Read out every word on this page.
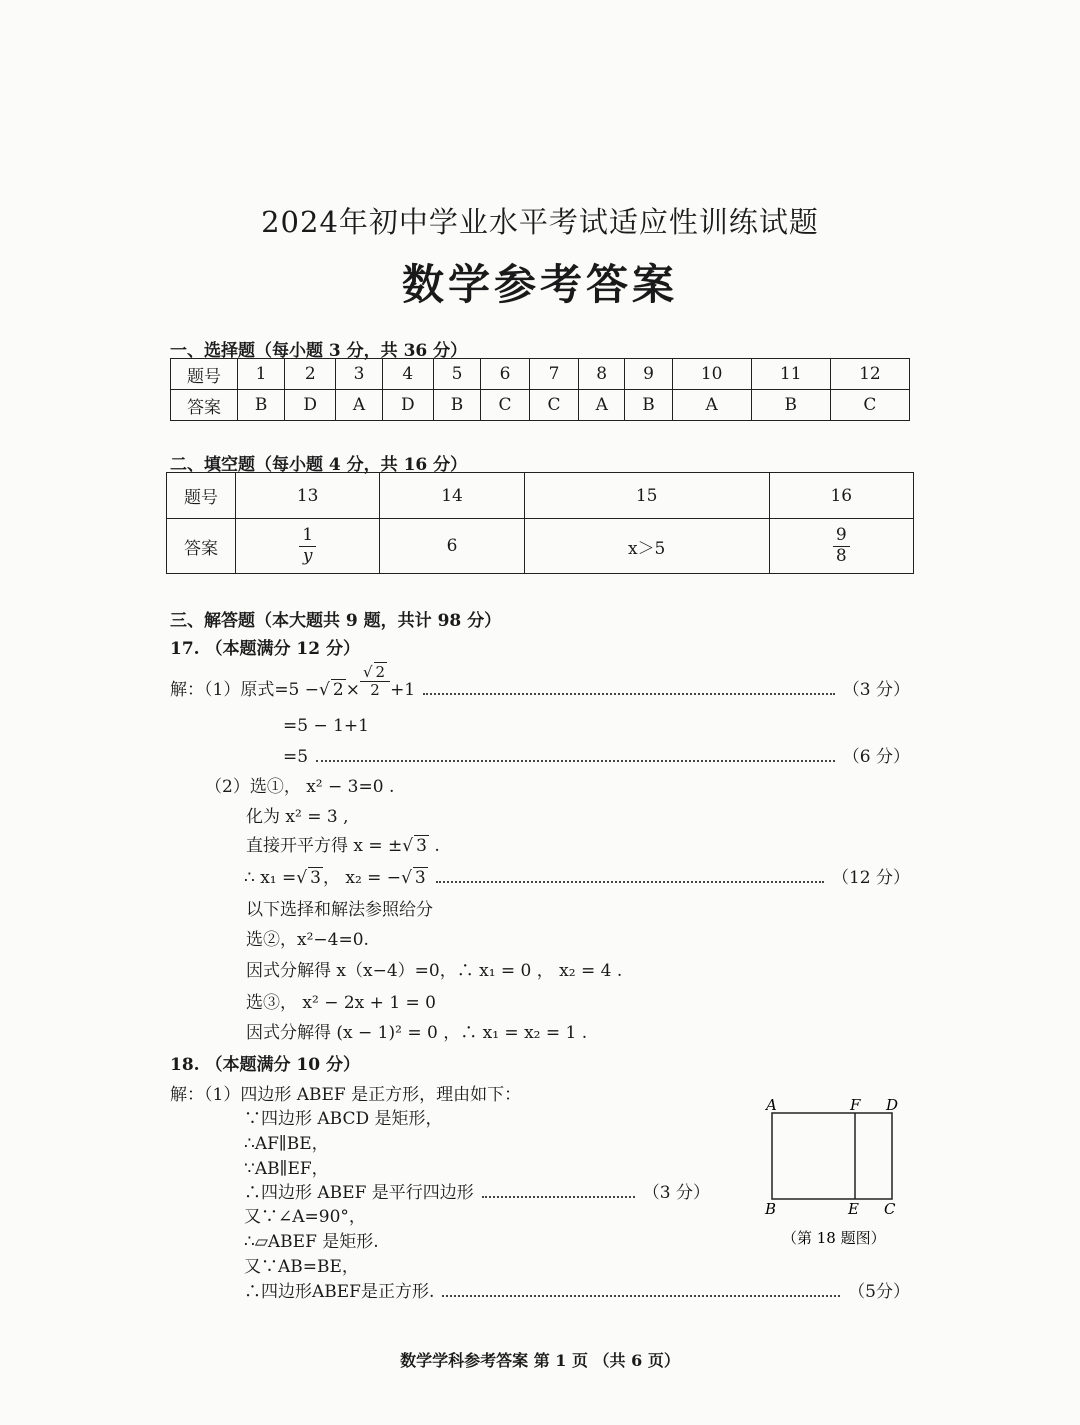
2024年初中学业水平考试适应性训练试题
数学参考答案
一、选择题（每小题 3 分，共 36 分）
题号	1	2	3	4	5	6	7	8	9	10	11	12
答案	B	D	A	D	B	C	C	A	B	A	B	C
二、填空题（每小题 4 分，共 16 分）
题号	13	14	15	16
答案	$\frac{1}{y}$	6	x＞5	$\frac{9}{8}$
三、解答题（本大题共 9 题，共计 98 分）
17. （本题满分 12 分）
解：（1）原式=5 − √ $2 \times \frac{√ 2}{2} +1$	（3 分）
=5 − 1+1
=5	（6 分）
（2）选①， x² − 3=0 .
化为 x² = 3 ,
直接开平方得 x = ±√ 3 .
∴ x₁ = √ 3 ， x₂ = − √ 3	（12 分）
以下选择和解法参照给分
选②，x²−4=0.
因式分解得 x（x−4）=0，∴ x₁ = 0 ， x₂ = 4 .
选③， x² − 2x + 1 = 0
因式分解得 (x − 1)² = 0 ，∴ x₁ = x₂ = 1 .
18. （本题满分 10 分）
解：（1）四边形 ABEF 是正方形，理由如下：
∵四边形 ABCD 是矩形，
∴AF∥BE，
∵AB∥EF，
∴四边形 ABEF 是平行四边形	（3 分）
又∵∠A=90°，
∴▱ABEF 是矩形.
又∵AB=BE，
∴四边形ABEF是正方形.	（5分）
A	F D
B	E C
（第 18 题图）
数学学科参考答案 第 1 页 （共 6 页）
